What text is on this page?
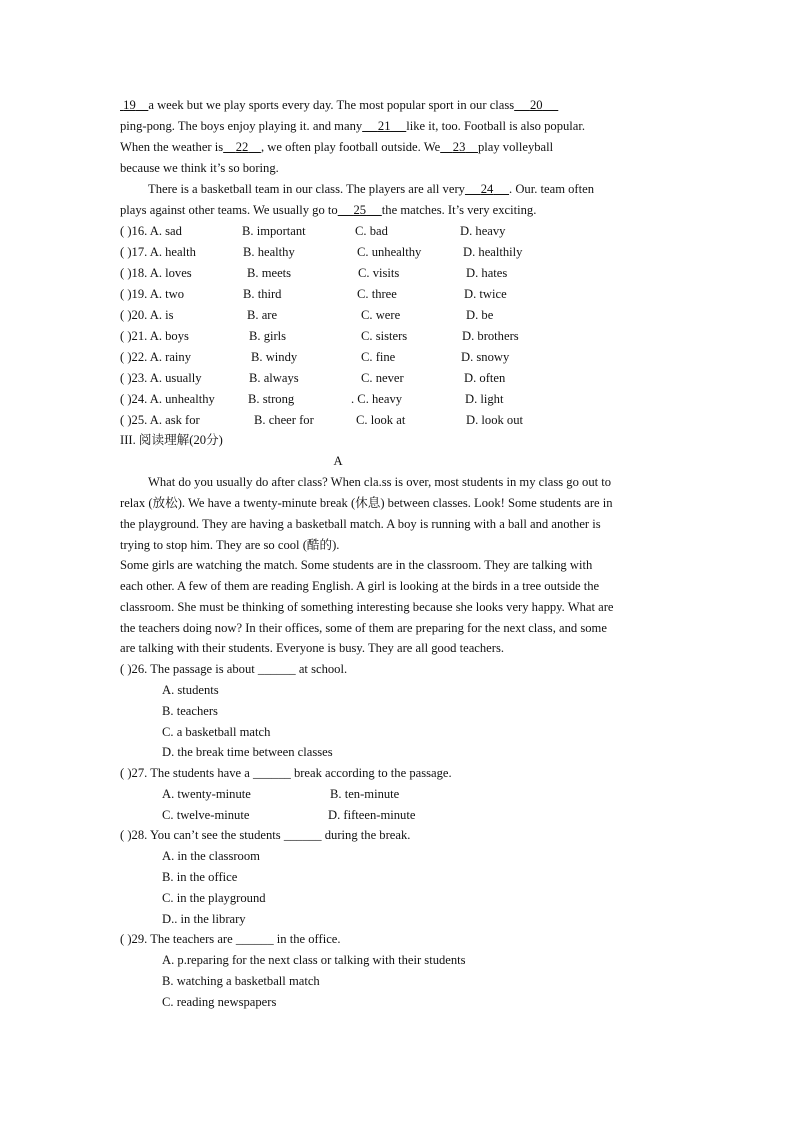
19 a week but we play sports every day. The most popular sport in our class 20
ping-pong. The boys enjoy playing it. and many 21 like it, too. Football is also popular.
When the weather is 22 , we often play football outside. We 23 play volleyball
because we think it’s so boring.
There is a basketball team in our class. The players are all very 24 . Our. team often
plays against other teams. We usually go to 25 the matches. It’s very exciting.
( )16. A. sad	B. important	C. bad	D. heavy
( )17. A. health	B. healthy	C. unhealthy	D. healthily
( )18. A. loves	B. meets	C. visits	D. hates
( )19. A. two	B. third	C. three	D. twice
( )20. A. is	B. are	C. were	D. be
( )21. A. boys	B. girls	C. sisters	D. brothers
( )22. A. rainy	B. windy	C. fine	D. snowy
( )23. A. usually	B. always	C. never	D. often
( )24. A. unhealthy	B. strong	. C. heavy	D. light
( )25. A. ask for	B. cheer for	C. look at	D. look out
III. 阅读理解(20分)
A
What do you usually do after class? When cla.ss is over, most students in my class go out to
relax (放松). We have a twenty-minute break (休息) between classes. Look! Some students are in
the playground. They are having a basketball match. A boy is running with a ball and another is
trying to stop him. They are so cool (酷的).
Some girls are watching the match. Some students are in the classroom. They are talking with
each other. A few of them are reading English. A girl is looking at the birds in a tree outside the
classroom. She must be thinking of something interesting because she looks very happy. What are
the teachers doing now? In their offices, some of them are preparing for the next class, and some
are talking with their students. Everyone is busy. They are all good teachers.
( )26. The passage is about ______ at school.
A. students
B. teachers
C. a basketball match
D. the break time between classes
( )27. The students have a ______ break according to the passage.
A. twenty-minute	B. ten-minute
C. twelve-minute	D. fifteen-minute
( )28. You can’t see the students ______ during the break.
A. in the classroom
B. in the office
C. in the playground
D.. in the library
( )29. The teachers are ______ in the office.
A. p.reparing for the next class or talking with their students
B. watching a basketball match
C. reading newspapers
